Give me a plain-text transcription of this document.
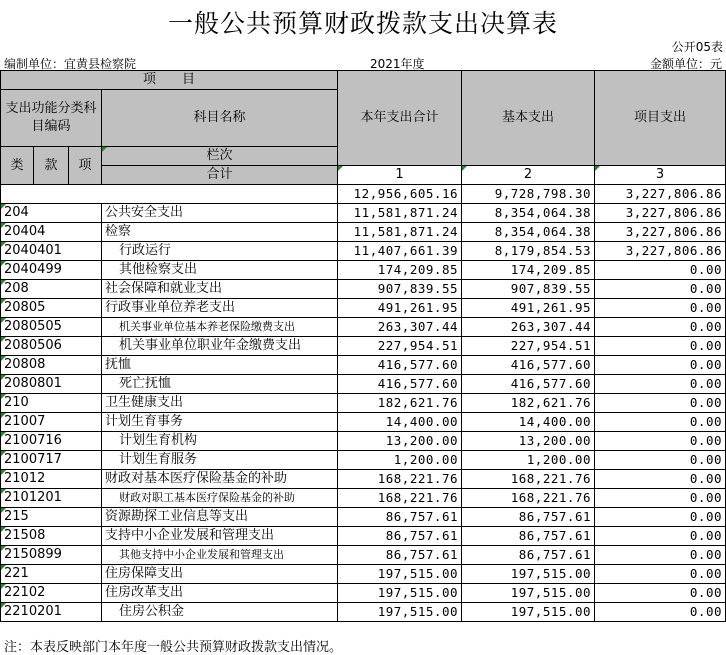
一般公共预算财政拨款支出决算表
公开05表
编制单位：宜黄县检察院	2021年度	金额单位：元
项　　目				本年支出合计	基本支出	项目支出
支出功能分类科目编码			科目名称			

类	款	项	栏次			
			合计	1	2	3
				12,956,605.16	9,728,798.30	3,227,806.86
204			公共安全支出	11,581,871.24	8,354,064.38	3,227,806.86
20404			检察	11,581,871.24	8,354,064.38	3,227,806.86
2040401			行政运行	11,407,661.39	8,179,854.53	3,227,806.86
2040499			其他检察支出	174,209.85	174,209.85	0.00
208			社会保障和就业支出	907,839.55	907,839.55	0.00
20805			行政事业单位养老支出	491,261.95	491,261.95	0.00
2080505			机关事业单位基本养老保险缴费支出	263,307.44	263,307.44	0.00
2080506			机关事业单位职业年金缴费支出	227,954.51	227,954.51	0.00
20808			抚恤	416,577.60	416,577.60	0.00
2080801			死亡抚恤	416,577.60	416,577.60	0.00
210			卫生健康支出	182,621.76	182,621.76	0.00
21007			计划生育事务	14,400.00	14,400.00	0.00
2100716			计划生育机构	13,200.00	13,200.00	0.00
2100717			计划生育服务	1,200.00	1,200.00	0.00
21012			财政对基本医疗保险基金的补助	168,221.76	168,221.76	0.00
2101201			财政对职工基本医疗保险基金的补助	168,221.76	168,221.76	0.00
215			资源勘探工业信息等支出	86,757.61	86,757.61	0.00
21508			支持中小企业发展和管理支出	86,757.61	86,757.61	0.00
2150899			其他支持中小企业发展和管理支出	86,757.61	86,757.61	0.00
221			住房保障支出	197,515.00	197,515.00	0.00
22102			住房改革支出	197,515.00	197,515.00	0.00
2210201			住房公积金	197,515.00	197,515.00	0.00
注：本表反映部门本年度一般公共预算财政拨款支出情况。
